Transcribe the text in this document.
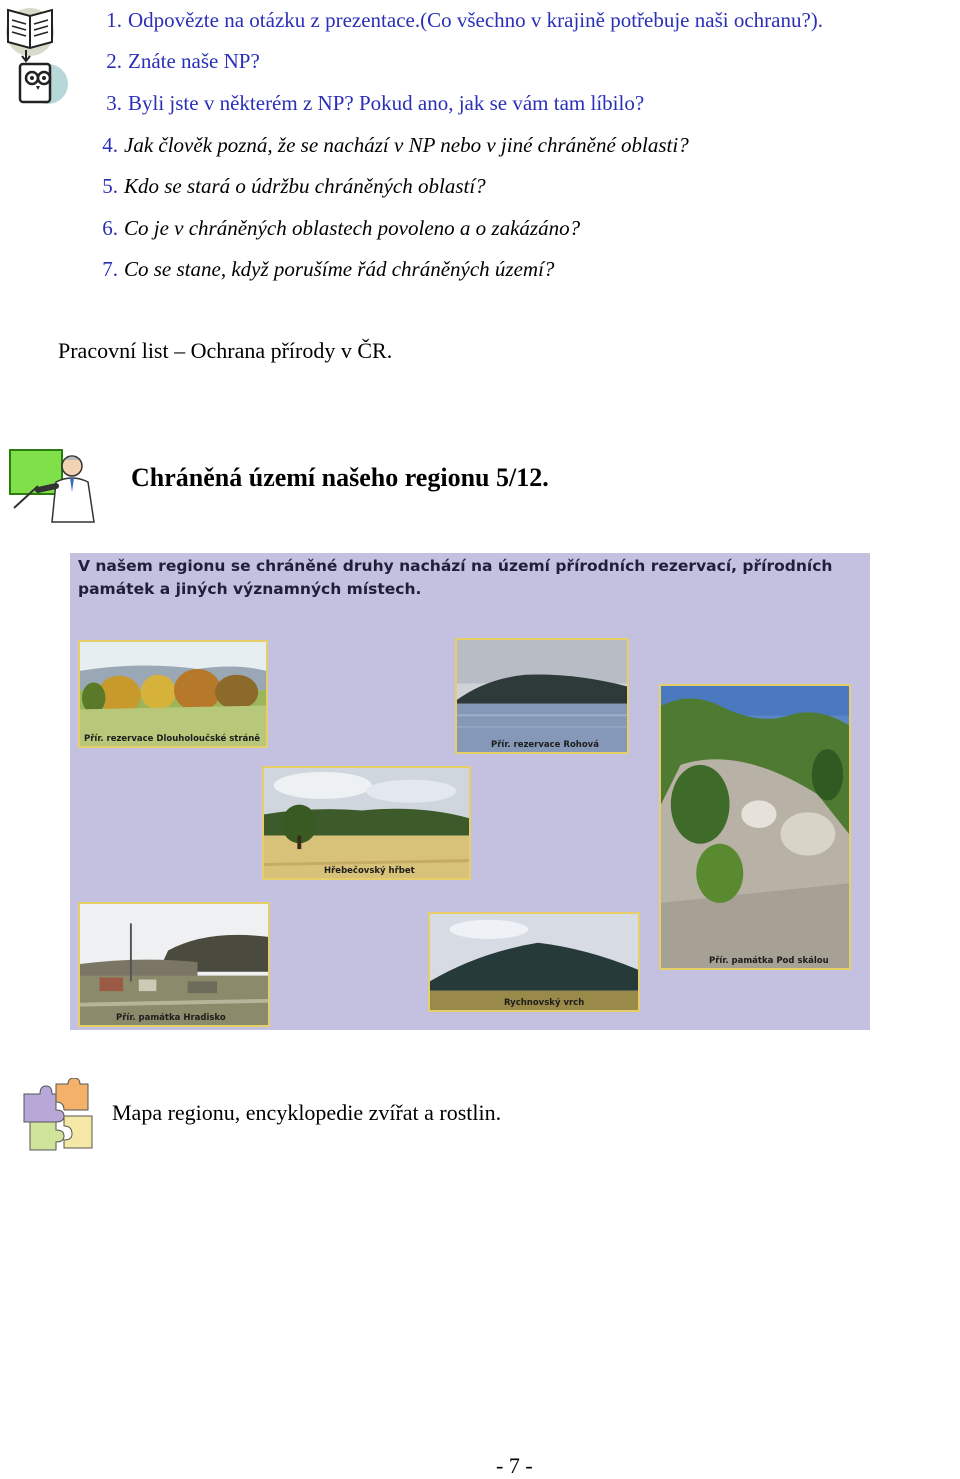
1. Odpovězte na otázku z prezentace.(Co všechno v krajině potřebuje naši ochranu?).
2. Znáte naše NP?
3. Byli jste v některém z NP? Pokud ano, jak se vám tam líbilo?
4. Jak člověk pozná, že se nachází v NP nebo v jiné chráněné oblasti?
5. Kdo se stará o údržbu chráněných oblastí?
6. Co je v chráněných oblastech povoleno a o zakázáno?
7. Co se stane, když porušíme řád chráněných území?
Pracovní list – Ochrana přírody v ČR.
Chráněná území našeho regionu 5/12.
V našem regionu se chráněné druhy nachází na území přírodních rezervací, přírodních
památek a jiných významných místech.
Přír. rezervace Dlouholoučské stráně
Přír. rezervace Rohová
Přír. památka Pod skálou
Hřebečovský hřbet
Přír. památka Hradisko
Rychnovský vrch
Mapa regionu, encyklopedie zvířat a rostlin.
- 7 -
